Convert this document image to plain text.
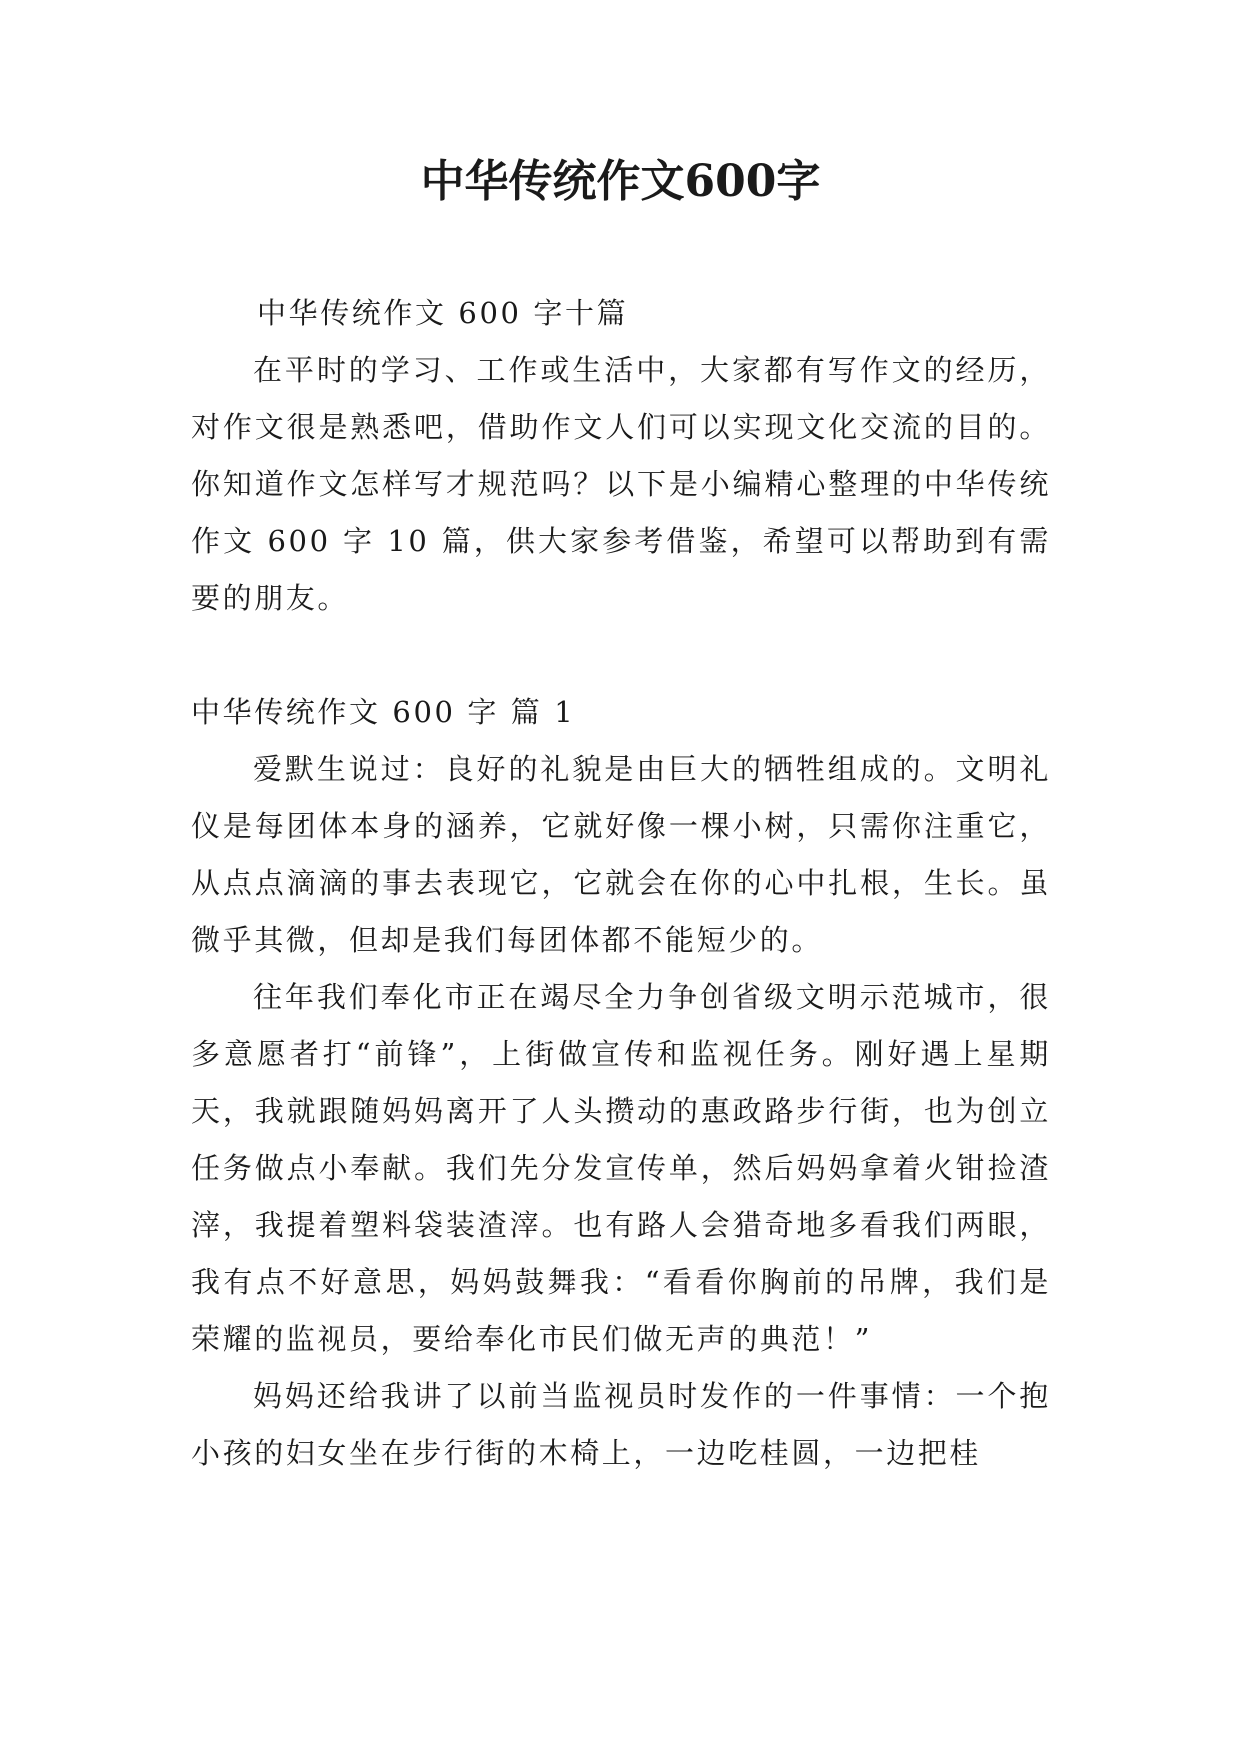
中华传统作文600字

中华传统作文 600 字十篇

在平时的学习、工作或生活中，大家都有写作文的经历，对作文很是熟悉吧，借助作文人们可以实现文化交流的目的。你知道作文怎样写才规范吗？以下是小编精心整理的中华传统作文 600 字 10 篇，供大家参考借鉴，希望可以帮助到有需要的朋友。

中华传统作文 600 字 篇 1

爱默生说过：良好的礼貌是由巨大的牺牲组成的。文明礼仪是每团体本身的涵养，它就好像一棵小树，只需你注重它，从点点滴滴的事去表现它，它就会在你的心中扎根，生长。虽微乎其微，但却是我们每团体都不能短少的。

往年我们奉化市正在竭尽全力争创省级文明示范城市，很多意愿者打“前锋”，上街做宣传和监视任务。刚好遇上星期天，我就跟随妈妈离开了人头攒动的惠政路步行街，也为创立任务做点小奉献。我们先分发宣传单，然后妈妈拿着火钳捡渣滓，我提着塑料袋装渣滓。也有路人会猎奇地多看我们两眼，我有点不好意思，妈妈鼓舞我：“看看你胸前的吊牌，我们是荣耀的监视员，要给奉化市民们做无声的典范！”

妈妈还给我讲了以前当监视员时发作的一件事情：一个抱小孩的妇女坐在步行街的木椅上，一边吃桂圆，一边把桂
